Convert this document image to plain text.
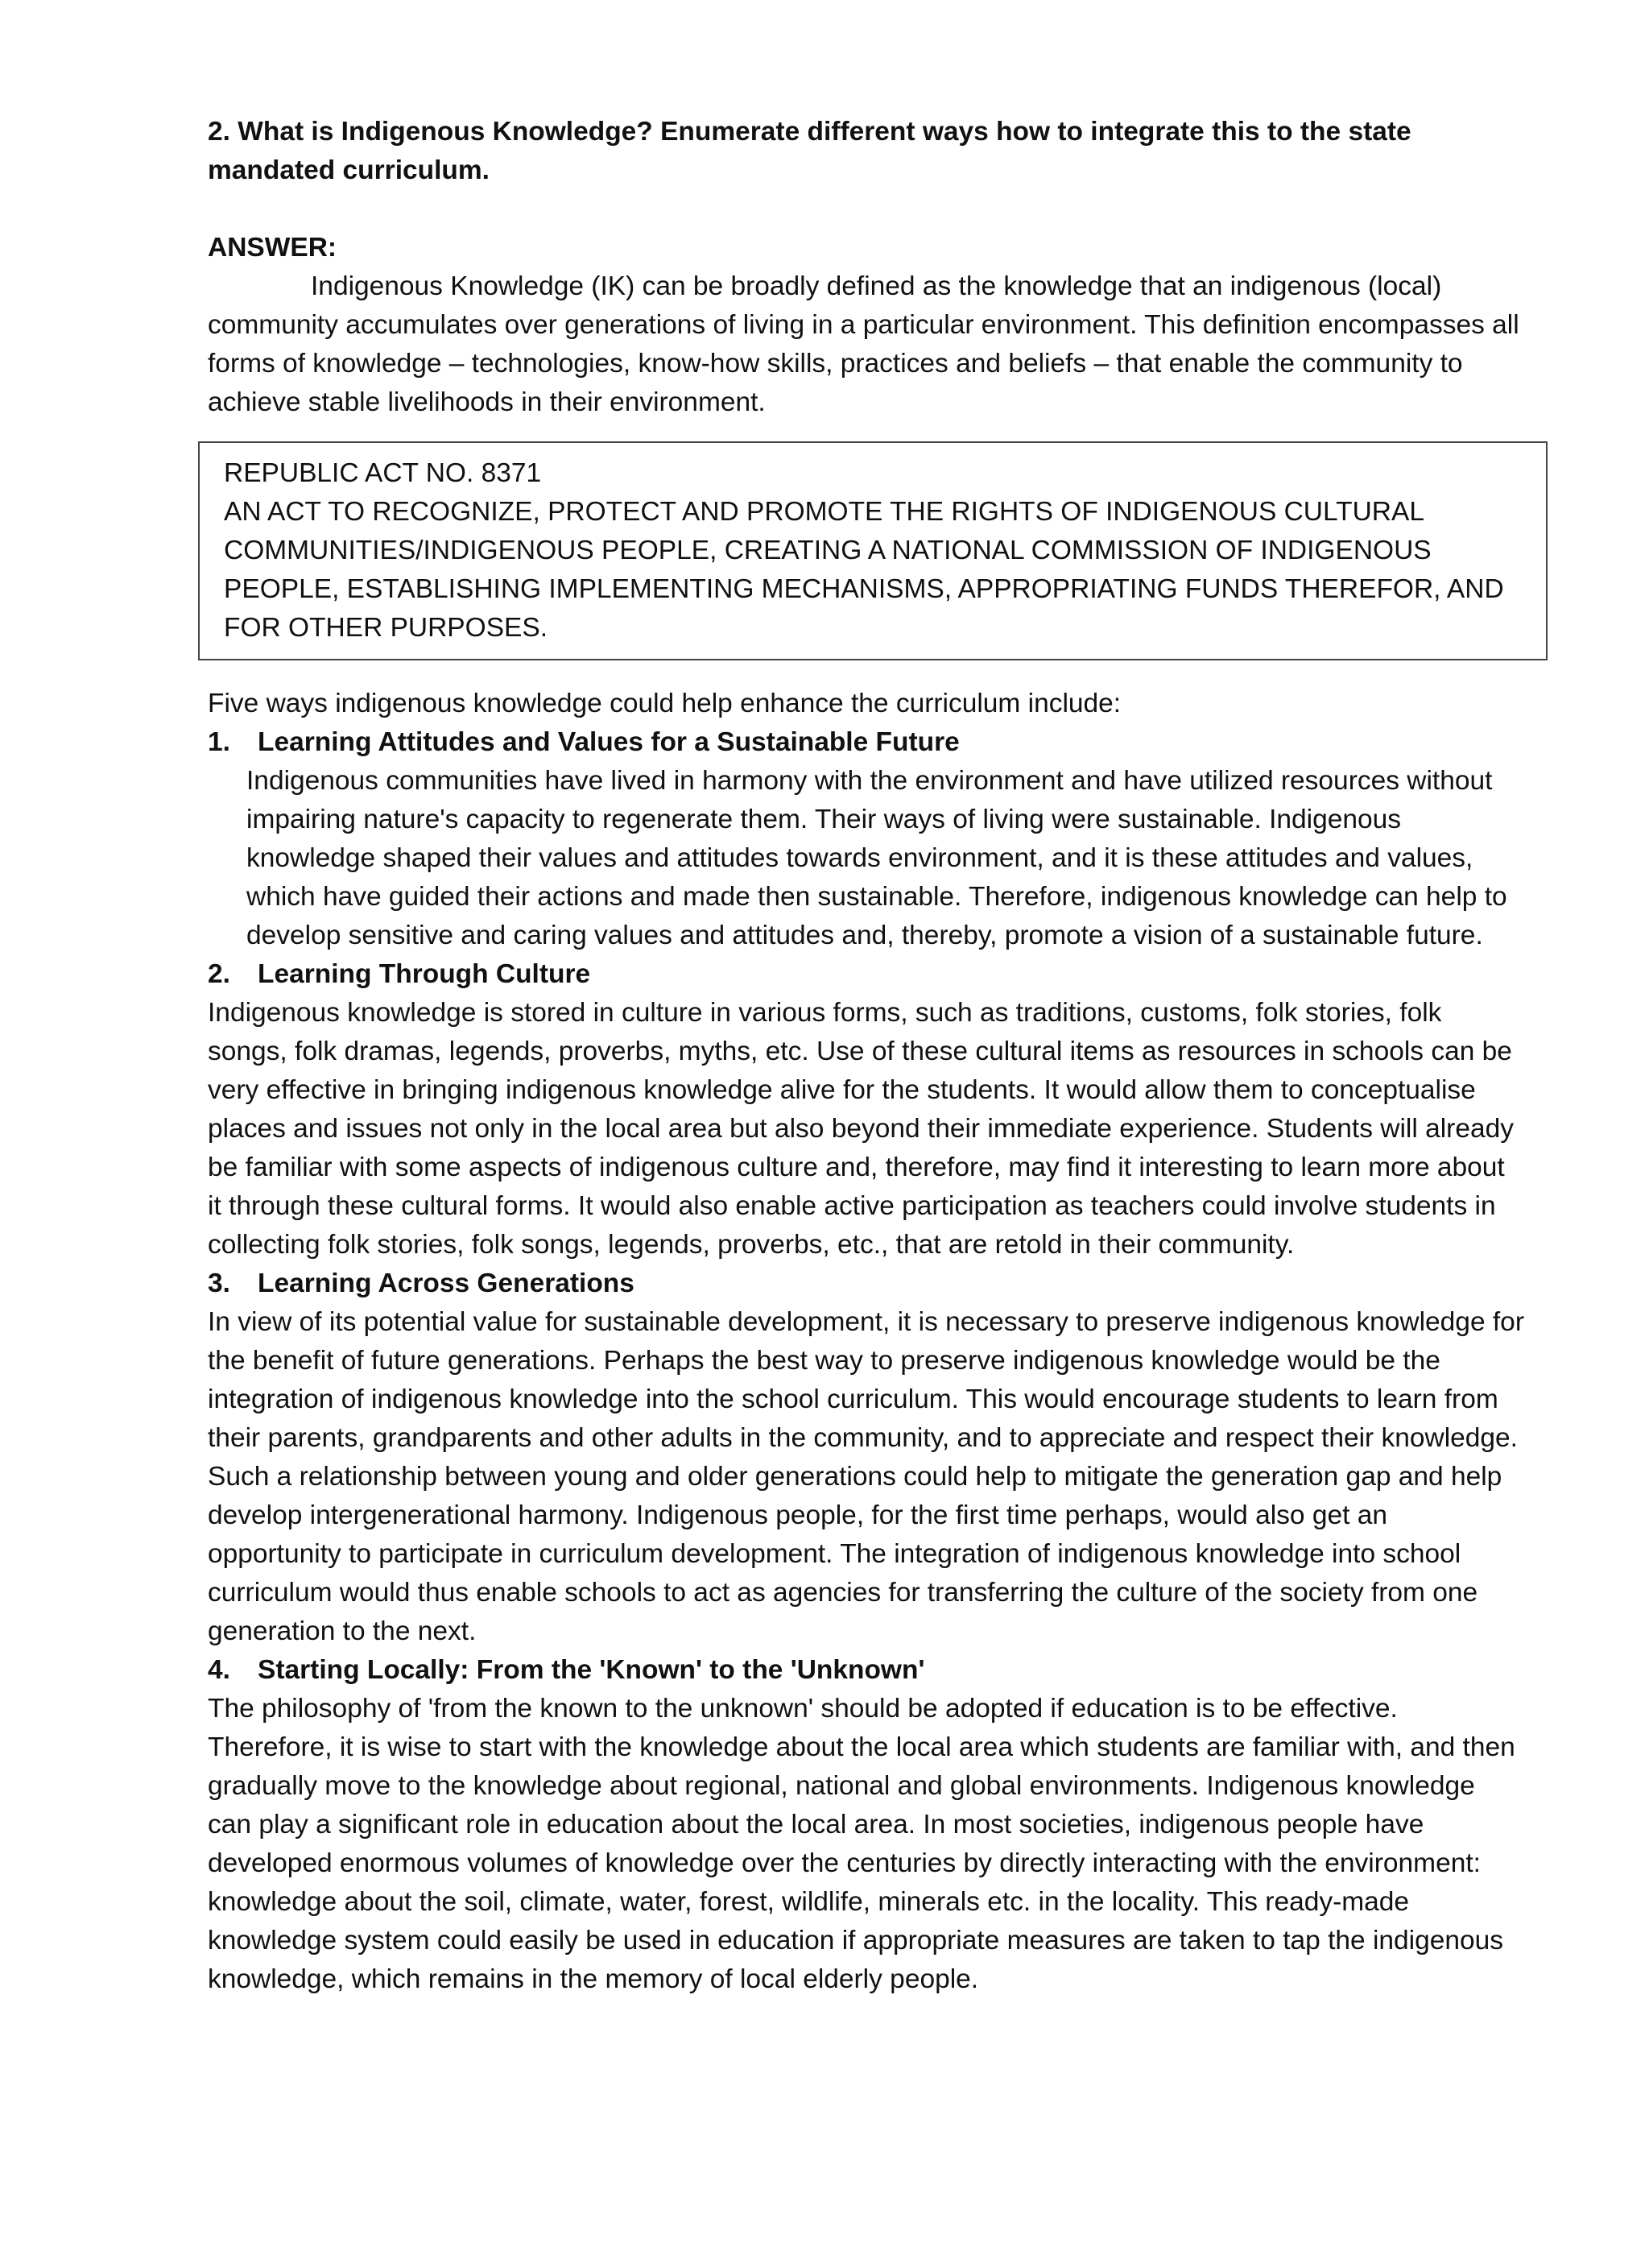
2. What is Indigenous Knowledge? Enumerate different ways how to integrate this to the state mandated curriculum.

ANSWER:

Indigenous Knowledge (IK) can be broadly defined as the knowledge that an indigenous (local) community accumulates over generations of living in a particular environment. This definition encompasses all forms of knowledge – technologies, know-how skills, practices and beliefs – that enable the community to achieve stable livelihoods in their environment.

REPUBLIC ACT NO. 8371

AN ACT TO RECOGNIZE, PROTECT AND PROMOTE THE RIGHTS OF INDIGENOUS CULTURAL COMMUNITIES/INDIGENOUS PEOPLE, CREATING A NATIONAL COMMISSION OF INDIGENOUS PEOPLE, ESTABLISHING IMPLEMENTING MECHANISMS, APPROPRIATING FUNDS THEREFOR, AND FOR OTHER PURPOSES.

Five ways indigenous knowledge could help enhance the curriculum include:

1.	Learning Attitudes and Values for a Sustainable Future

Indigenous communities have lived in harmony with the environment and have utilized resources without impairing nature's capacity to regenerate them. Their ways of living were sustainable. Indigenous knowledge shaped their values and attitudes towards environment, and it is these attitudes and values, which have guided their actions and made then sustainable. Therefore, indigenous knowledge can help to develop sensitive and caring values and attitudes and, thereby, promote a vision of a sustainable future.

2.	Learning Through Culture

Indigenous knowledge is stored in culture in various forms, such as traditions, customs, folk stories, folk songs, folk dramas, legends, proverbs, myths, etc. Use of these cultural items as resources in schools can be very effective in bringing indigenous knowledge alive for the students. It would allow them to conceptualise places and issues not only in the local area but also beyond their immediate experience. Students will already be familiar with some aspects of indigenous culture and, therefore, may find it interesting to learn more about it through these cultural forms. It would also enable active participation as teachers could involve students in collecting folk stories, folk songs, legends, proverbs, etc., that are retold in their community.

3.	Learning Across Generations

In view of its potential value for sustainable development, it is necessary to preserve indigenous knowledge for the benefit of future generations. Perhaps the best way to preserve indigenous knowledge would be the integration of indigenous knowledge into the school curriculum. This would encourage students to learn from their parents, grandparents and other adults in the community, and to appreciate and respect their knowledge. Such a relationship between young and older generations could help to mitigate the generation gap and help develop intergenerational harmony. Indigenous people, for the first time perhaps, would also get an opportunity to participate in curriculum development. The integration of indigenous knowledge into school curriculum would thus enable schools to act as agencies for transferring the culture of the society from one generation to the next.

4.	Starting Locally: From the 'Known' to the 'Unknown'

The philosophy of 'from the known to the unknown' should be adopted if education is to be effective. Therefore, it is wise to start with the knowledge about the local area which students are familiar with, and then gradually move to the knowledge about regional, national and global environments. Indigenous knowledge can play a significant role in education about the local area. In most societies, indigenous people have developed enormous volumes of knowledge over the centuries by directly interacting with the environment: knowledge about the soil, climate, water, forest, wildlife, minerals etc. in the locality. This ready-made knowledge system could easily be used in education if appropriate measures are taken to tap the indigenous knowledge, which remains in the memory of local elderly people.
